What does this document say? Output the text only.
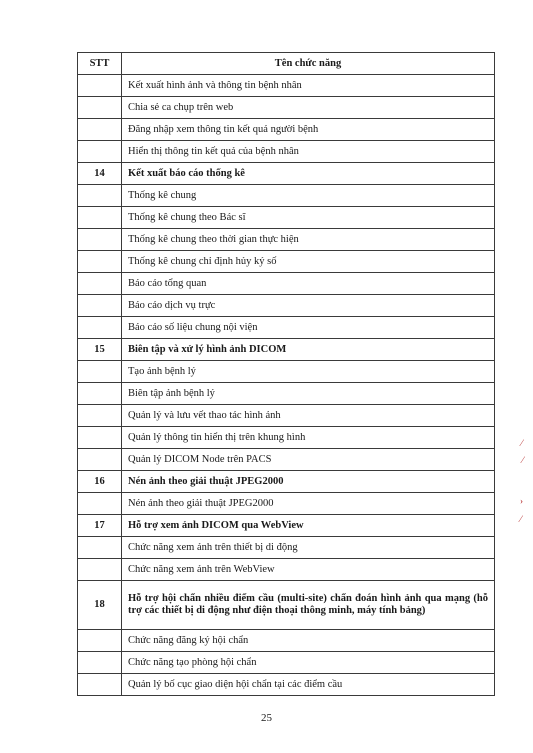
STT	Tên chức năng
	Kết xuất hình ảnh và thông tin bệnh nhân
	Chia sẻ ca chụp trên web
	Đăng nhập xem thông tin kết quả người bệnh
	Hiển thị thông tin kết quả của bệnh nhân
14	Kết xuất báo cáo thống kê
	Thống kê chung
	Thống kê chung theo Bác sĩ
	Thống kê chung theo thời gian thực hiện
	Thống kê chung chỉ định hủy ký số
	Báo cáo tổng quan
	Báo cáo dịch vụ trực
	Báo cáo số liệu chung nội viện
15	Biên tập và xử lý hình ảnh DICOM
	Tạo ảnh bệnh lý
	Biên tập ảnh bệnh lý
	Quản lý và lưu vết thao tác hình ảnh
	Quản lý thông tin hiển thị trên khung hình
	Quản lý DICOM Node trên PACS
16	Nén ảnh theo giải thuật JPEG2000
	Nén ảnh theo giải thuật JPEG2000
17	Hỗ trợ xem ảnh DICOM qua WebView
	Chức năng xem ảnh trên thiết bị di động
	Chức năng xem ảnh trên WebView
18	Hỗ trợ hội chẩn nhiều điểm cầu (multi-site) chẩn đoán hình ảnh qua mạng (hỗ trợ các thiết bị di động như điện thoại thông minh, máy tính bảng)
	Chức năng đăng ký hội chẩn
	Chức năng tạo phòng hội chẩn
	Quản lý bố cục giao diện hội chẩn tại các điểm cầu
25
⁄
⁄
›
⁄
